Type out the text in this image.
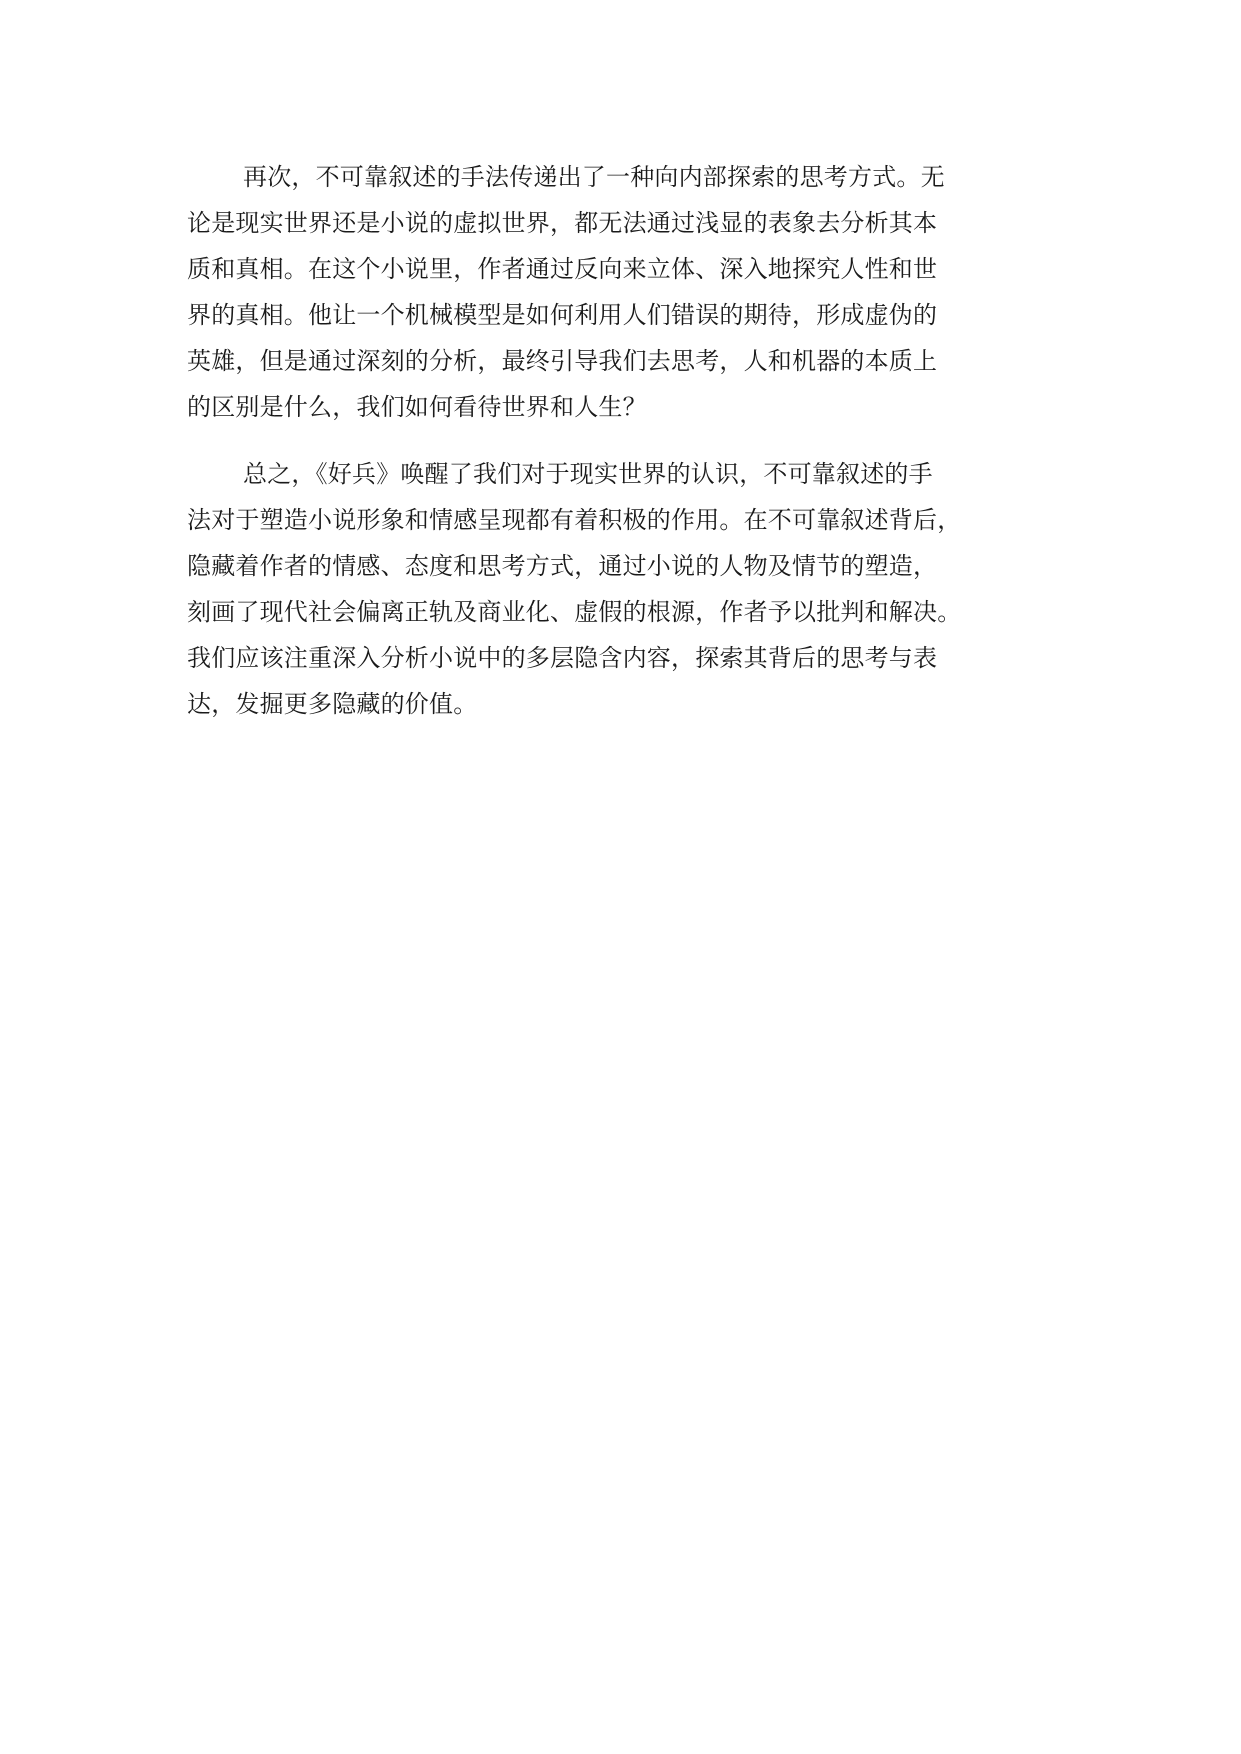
再次，不可靠叙述的手法传递出了一种向内部探索的思考方式。无
论是现实世界还是小说的虚拟世界，都无法通过浅显的表象去分析其本
质和真相。在这个小说里，作者通过反向来立体、深入地探究人性和世
界的真相。他让一个机械模型是如何利用人们错误的期待，形成虚伪的
英雄，但是通过深刻的分析，最终引导我们去思考，人和机器的本质上
的区别是什么，我们如何看待世界和人生？
总之，《好兵》唤醒了我们对于现实世界的认识，不可靠叙述的手
法对于塑造小说形象和情感呈现都有着积极的作用。在不可靠叙述背后，
隐藏着作者的情感、态度和思考方式，通过小说的人物及情节的塑造，
刻画了现代社会偏离正轨及商业化、虚假的根源，作者予以批判和解决。
我们应该注重深入分析小说中的多层隐含内容，探索其背后的思考与表
达，发掘更多隐藏的价值。
